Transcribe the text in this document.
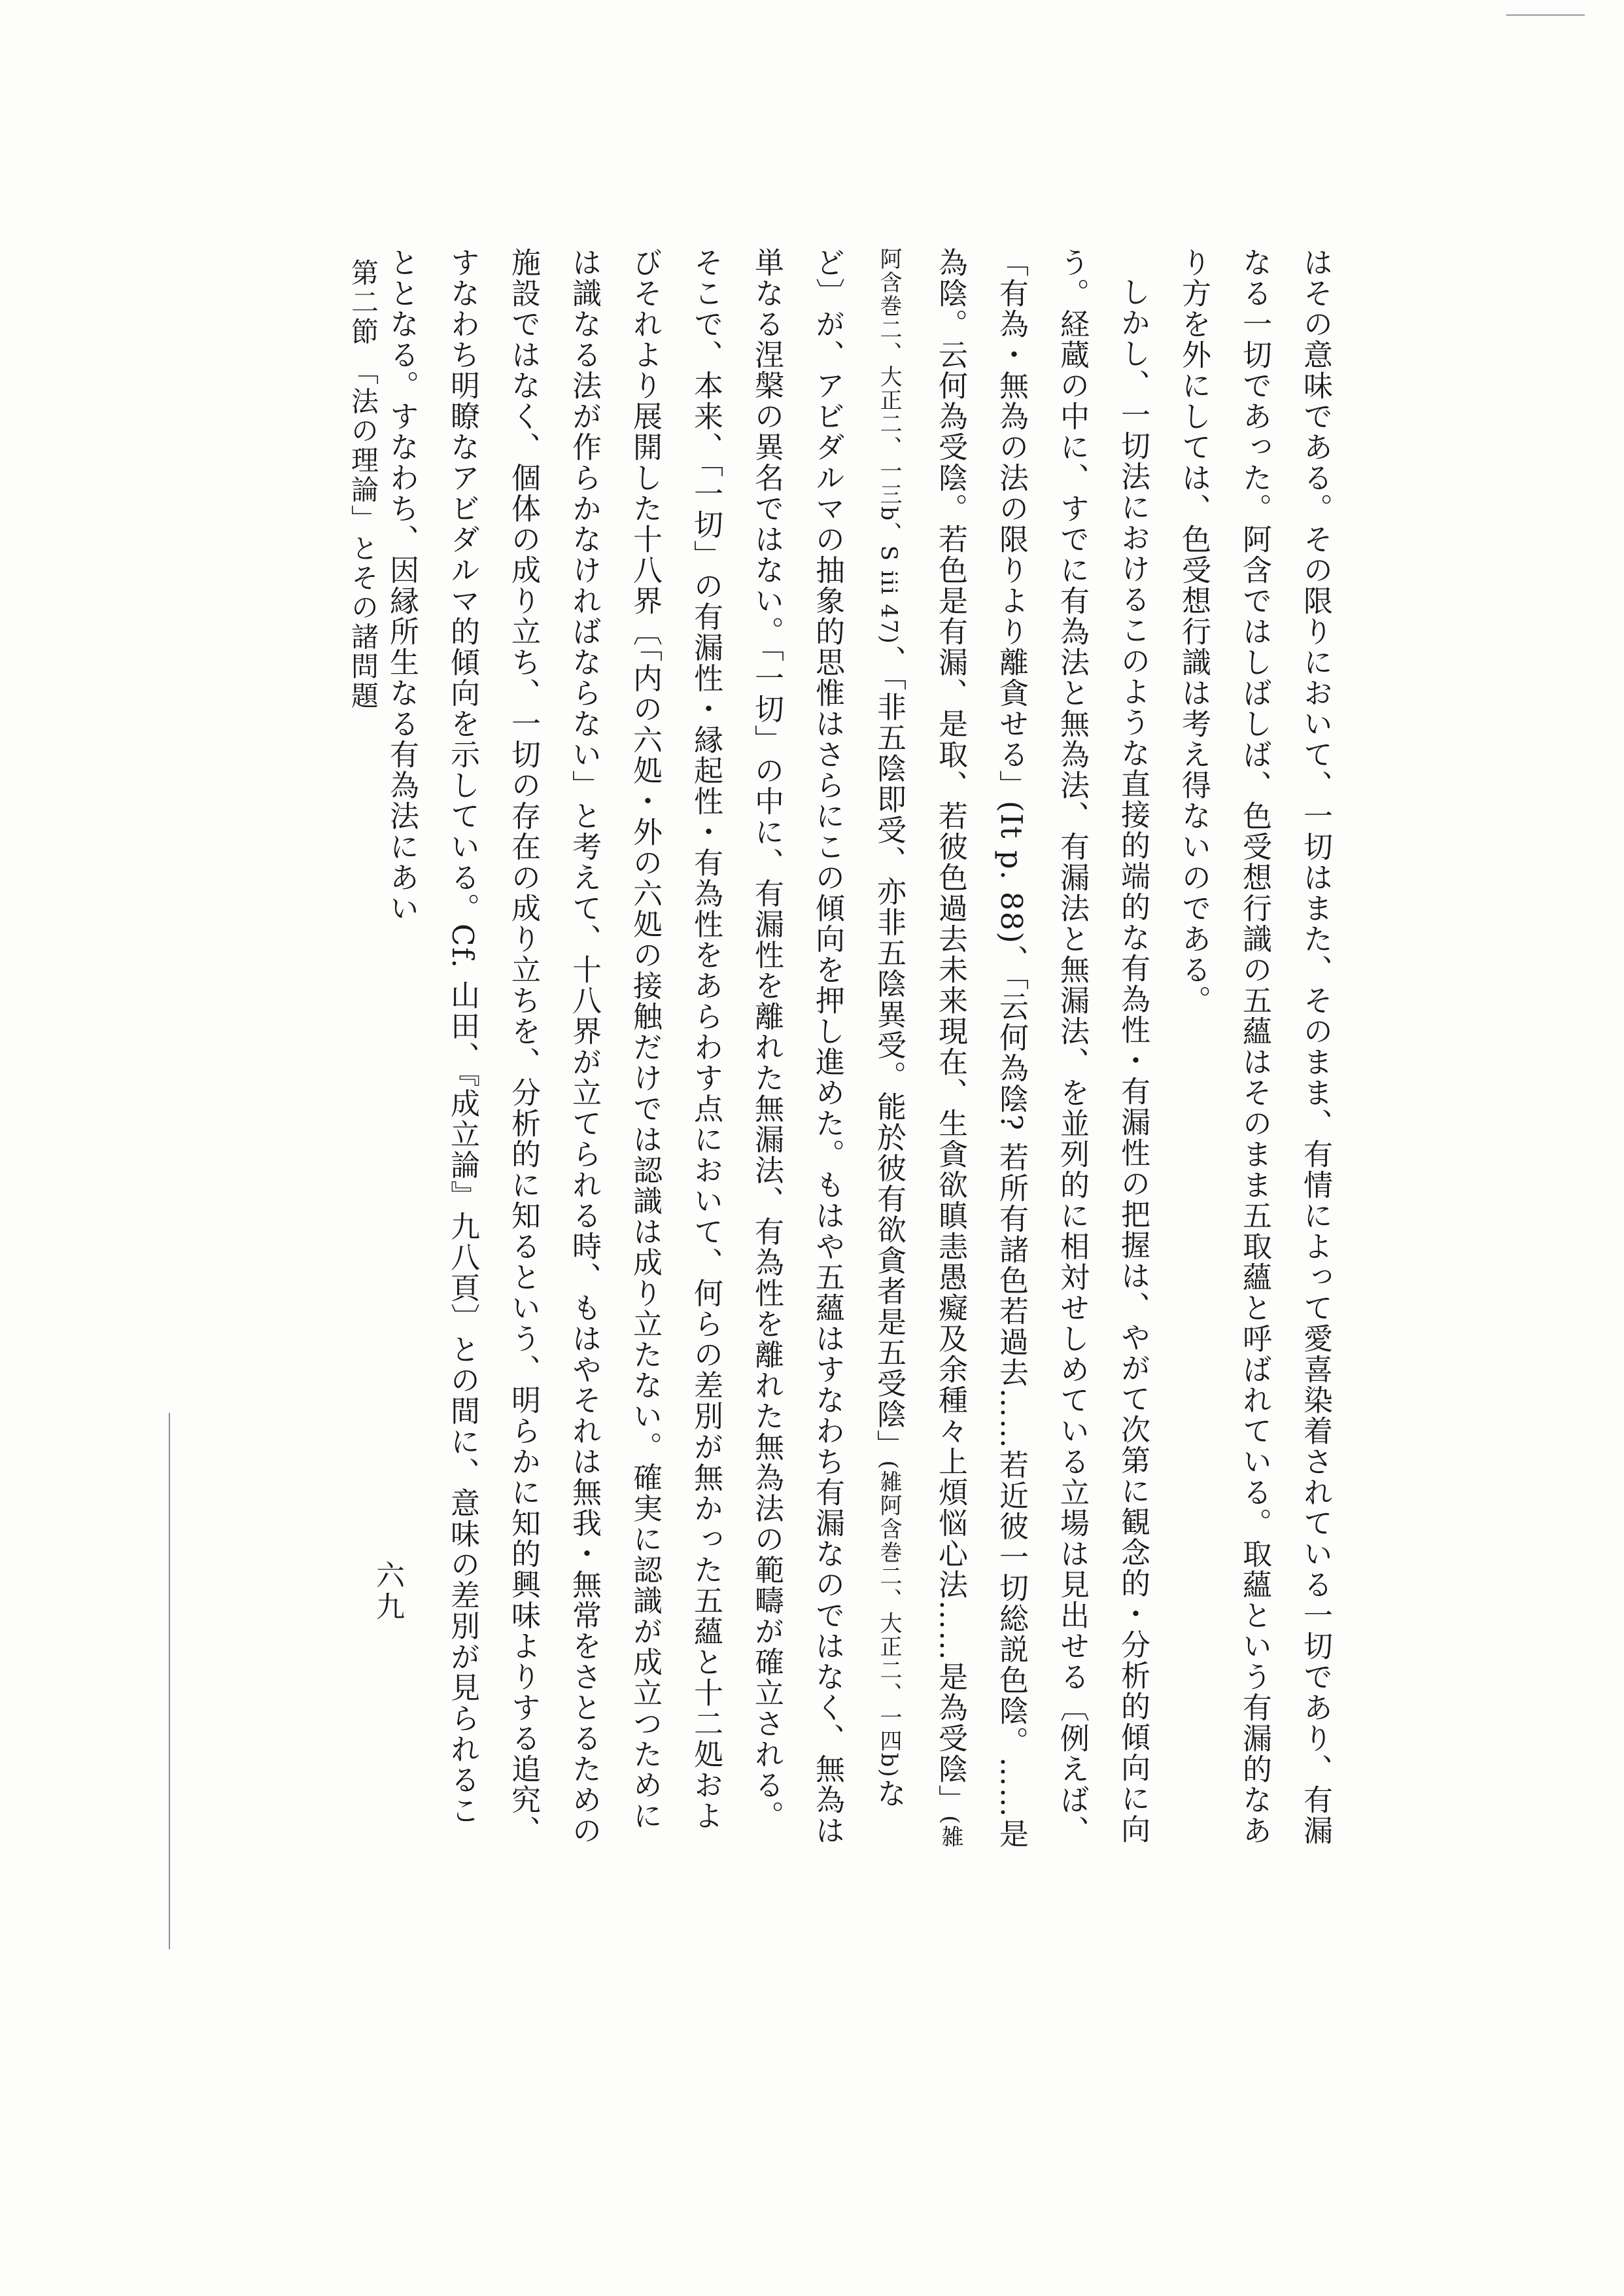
はその意味である。その限りにおいて、一切はまた、そのまま、有情によって愛喜染着されている一切であり、有漏なる一切であった。阿含ではしばしば、色受想行識の五蘊はそのまま五取蘊と呼ばれている。取蘊という有漏的なあり方を外にしては、色受想行識は考え得ないのである。

しかし、一切法におけるこのような直接的端的な有為性・有漏性の把握は、やがて次第に観念的・分析的傾向に向う。経蔵の中に、すでに有為法と無為法、有漏法と無漏法、を並列的に相対せしめている立場は見出せる〔例えば、「有為・無為の法の限りより離貪せる」(It p. 88)、「云何為陰? 若所有諸色若過去……若近彼一切総説色陰。……是為陰。云何為受陰。若色是有漏、是取、若彼色過去未来現在、生貪欲瞋恚愚癡及余種々上煩悩心法……是為受陰」(雑阿含巻二、大正二、一三b、S iii 47)、「非五陰即受、亦非五陰異受。能於彼有欲貪者是五受陰」(雑阿含巻二、大正二、一四b)など〕が、アビダルマの抽象的思惟はさらにこの傾向を押し進めた。もはや五蘊はすなわち有漏なのではなく、無為は単なる涅槃の異名ではない。「一切」の中に、有漏性を離れた無漏法、有為性を離れた無為法の範疇が確立される。そこで、本来、「一切」の有漏性・縁起性・有為性をあらわす点において、何らの差別が無かった五蘊と十二処およびそれより展開した十八界〔「内の六処・外の六処の接触だけでは認識は成り立たない。確実に認識が成立つためには識なる法が作らかなければならない」と考えて、十八界が立てられる時、もはやそれは無我・無常をさとるための施設ではなく、個体の成り立ち、一切の存在の成り立ちを、分析的に知るという、明らかに知的興味よりする追究、すなわち明瞭なアビダルマ的傾向を示している。Cf. 山田、『成立論』九八頁〕との間に、意味の差別が見られることとなる。すなわち、因縁所生なる有為法にあい

第二節 「法の理論」とその諸問題
六九
